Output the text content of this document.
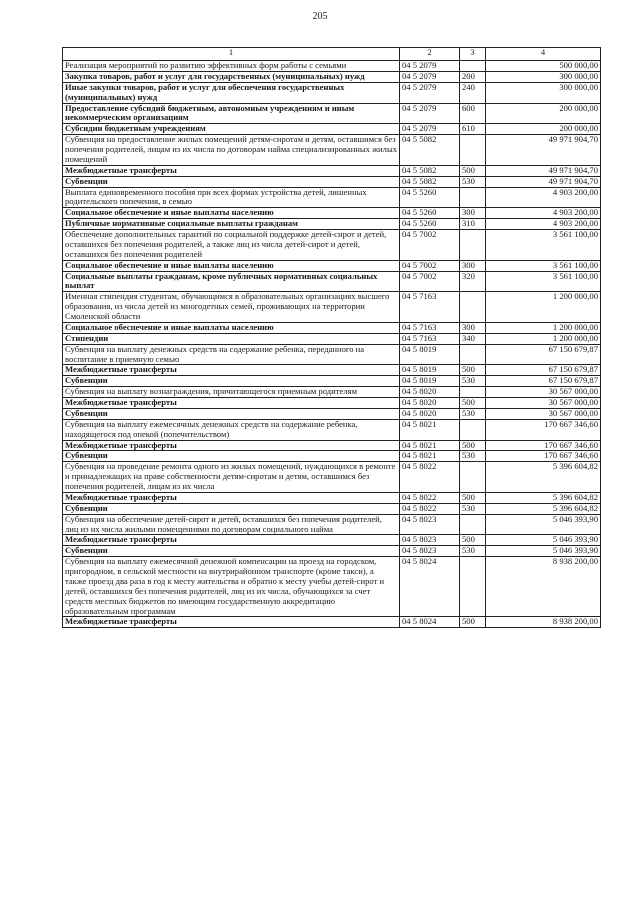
205
1	2	3	4
Реализация мероприятий по развитию эффективных форм работы с семьями	04 5 2079		500 000,00
Закупка товаров, работ и услуг для государственных (муниципальных) нужд	04 5 2079	200	300 000,00
Иные закупки товаров, работ и услуг для обеспечения государственных (муниципальных) нужд	04 5 2079	240	300 000,00
Предоставление субсидий бюджетным, автономным учреждениям и иным некоммерческим организациям	04 5 2079	600	200 000,00
Субсидии бюджетным учреждениям	04 5 2079	610	200 000,00
Субвенция на предоставление жилых помещений детям-сиротам и детям, оставшимся без попечения родителей, лицам из их числа по договорам найма специализированных жилых помещений	04 5 5082		49 971 904,70
Межбюджетные трансферты	04 5 5082	500	49 971 904,70
Субвенции	04 5 5082	530	49 971 904,70
Выплата единовременного пособия при всех формах устройства детей, лишенных родительского попечения, в семью	04 5 5260		4 903 200,00
Социальное обеспечение и иные выплаты населению	04 5 5260	300	4 903 200,00
Публичные нормативные социальные выплаты гражданам	04 5 5260	310	4 903 200,00
Обеспечение дополнительных гарантий по социальной поддержке детей-сирот и детей, оставшихся без попечения родителей, а также лиц из числа детей-сирот и детей, оставшихся без попечения родителей	04 5 7002		3 561 100,00
Социальное обеспечение и иные выплаты населению	04 5 7002	300	3 561 100,00
Социальные выплаты гражданам, кроме публичных нормативных социальных выплат	04 5 7002	320	3 561 100,00
Именная стипендия студентам, обучающимся в образовательных организациях высшего образования, из числа детей из многодетных семей, проживающих на территории Смоленской области	04 5 7163		1 200 000,00
Социальное обеспечение и иные выплаты населению	04 5 7163	300	1 200 000,00
Стипендии	04 5 7163	340	1 200 000,00
Субвенция на выплату денежных средств на содержание ребенка, переданного на воспитание в приемную семью	04 5 8019		67 150 679,87
Межбюджетные трансферты	04 5 8019	500	67 150 679,87
Субвенции	04 5 8019	530	67 150 679,87
Субвенция на выплату вознаграждения, причитающегося приемным родителям	04 5 8020		30 567 000,00
Межбюджетные трансферты	04 5 8020	500	30 567 000,00
Субвенции	04 5 8020	530	30 567 000,00
Субвенция на выплату ежемесячных денежных средств на содержание ребенка, находящегося под опекой (попечительством)	04 5 8021		170 667 346,60
Межбюджетные трансферты	04 5 8021	500	170 667 346,60
Субвенции	04 5 8021	530	170 667 346,60
Субвенция на проведение ремонта одного из жилых помещений, нуждающихся в ремонте и принадлежащих на праве собственности детям-сиротам и детям, оставшимся без попечения родителей, лицам из их числа	04 5 8022		5 396 604,82
Межбюджетные трансферты	04 5 8022	500	5 396 604,82
Субвенции	04 5 8022	530	5 396 604,82
Субвенция на обеспечение детей-сирот и детей, оставшихся без попечения родителей, лиц из их числа жилыми помещениями по договорам социального найма	04 5 8023		5 046 393,90
Межбюджетные трансферты	04 5 8023	500	5 046 393,90
Субвенции	04 5 8023	530	5 046 393,90
Субвенция на выплату ежемесячной денежной компенсации на проезд на городском, пригородном, в сельской местности на внутрирайонном транспорте (кроме такси), а также проезд два раза в год к месту жительства и обратно к месту учебы детей-сирот и детей, оставшихся без попечения родителей, лиц из их числа, обучающихся за счет средств местных бюджетов по имеющим государственную аккредитацию образовательным программам	04 5 8024		8 938 200,00
Межбюджетные трансферты	04 5 8024	500	8 938 200,00
